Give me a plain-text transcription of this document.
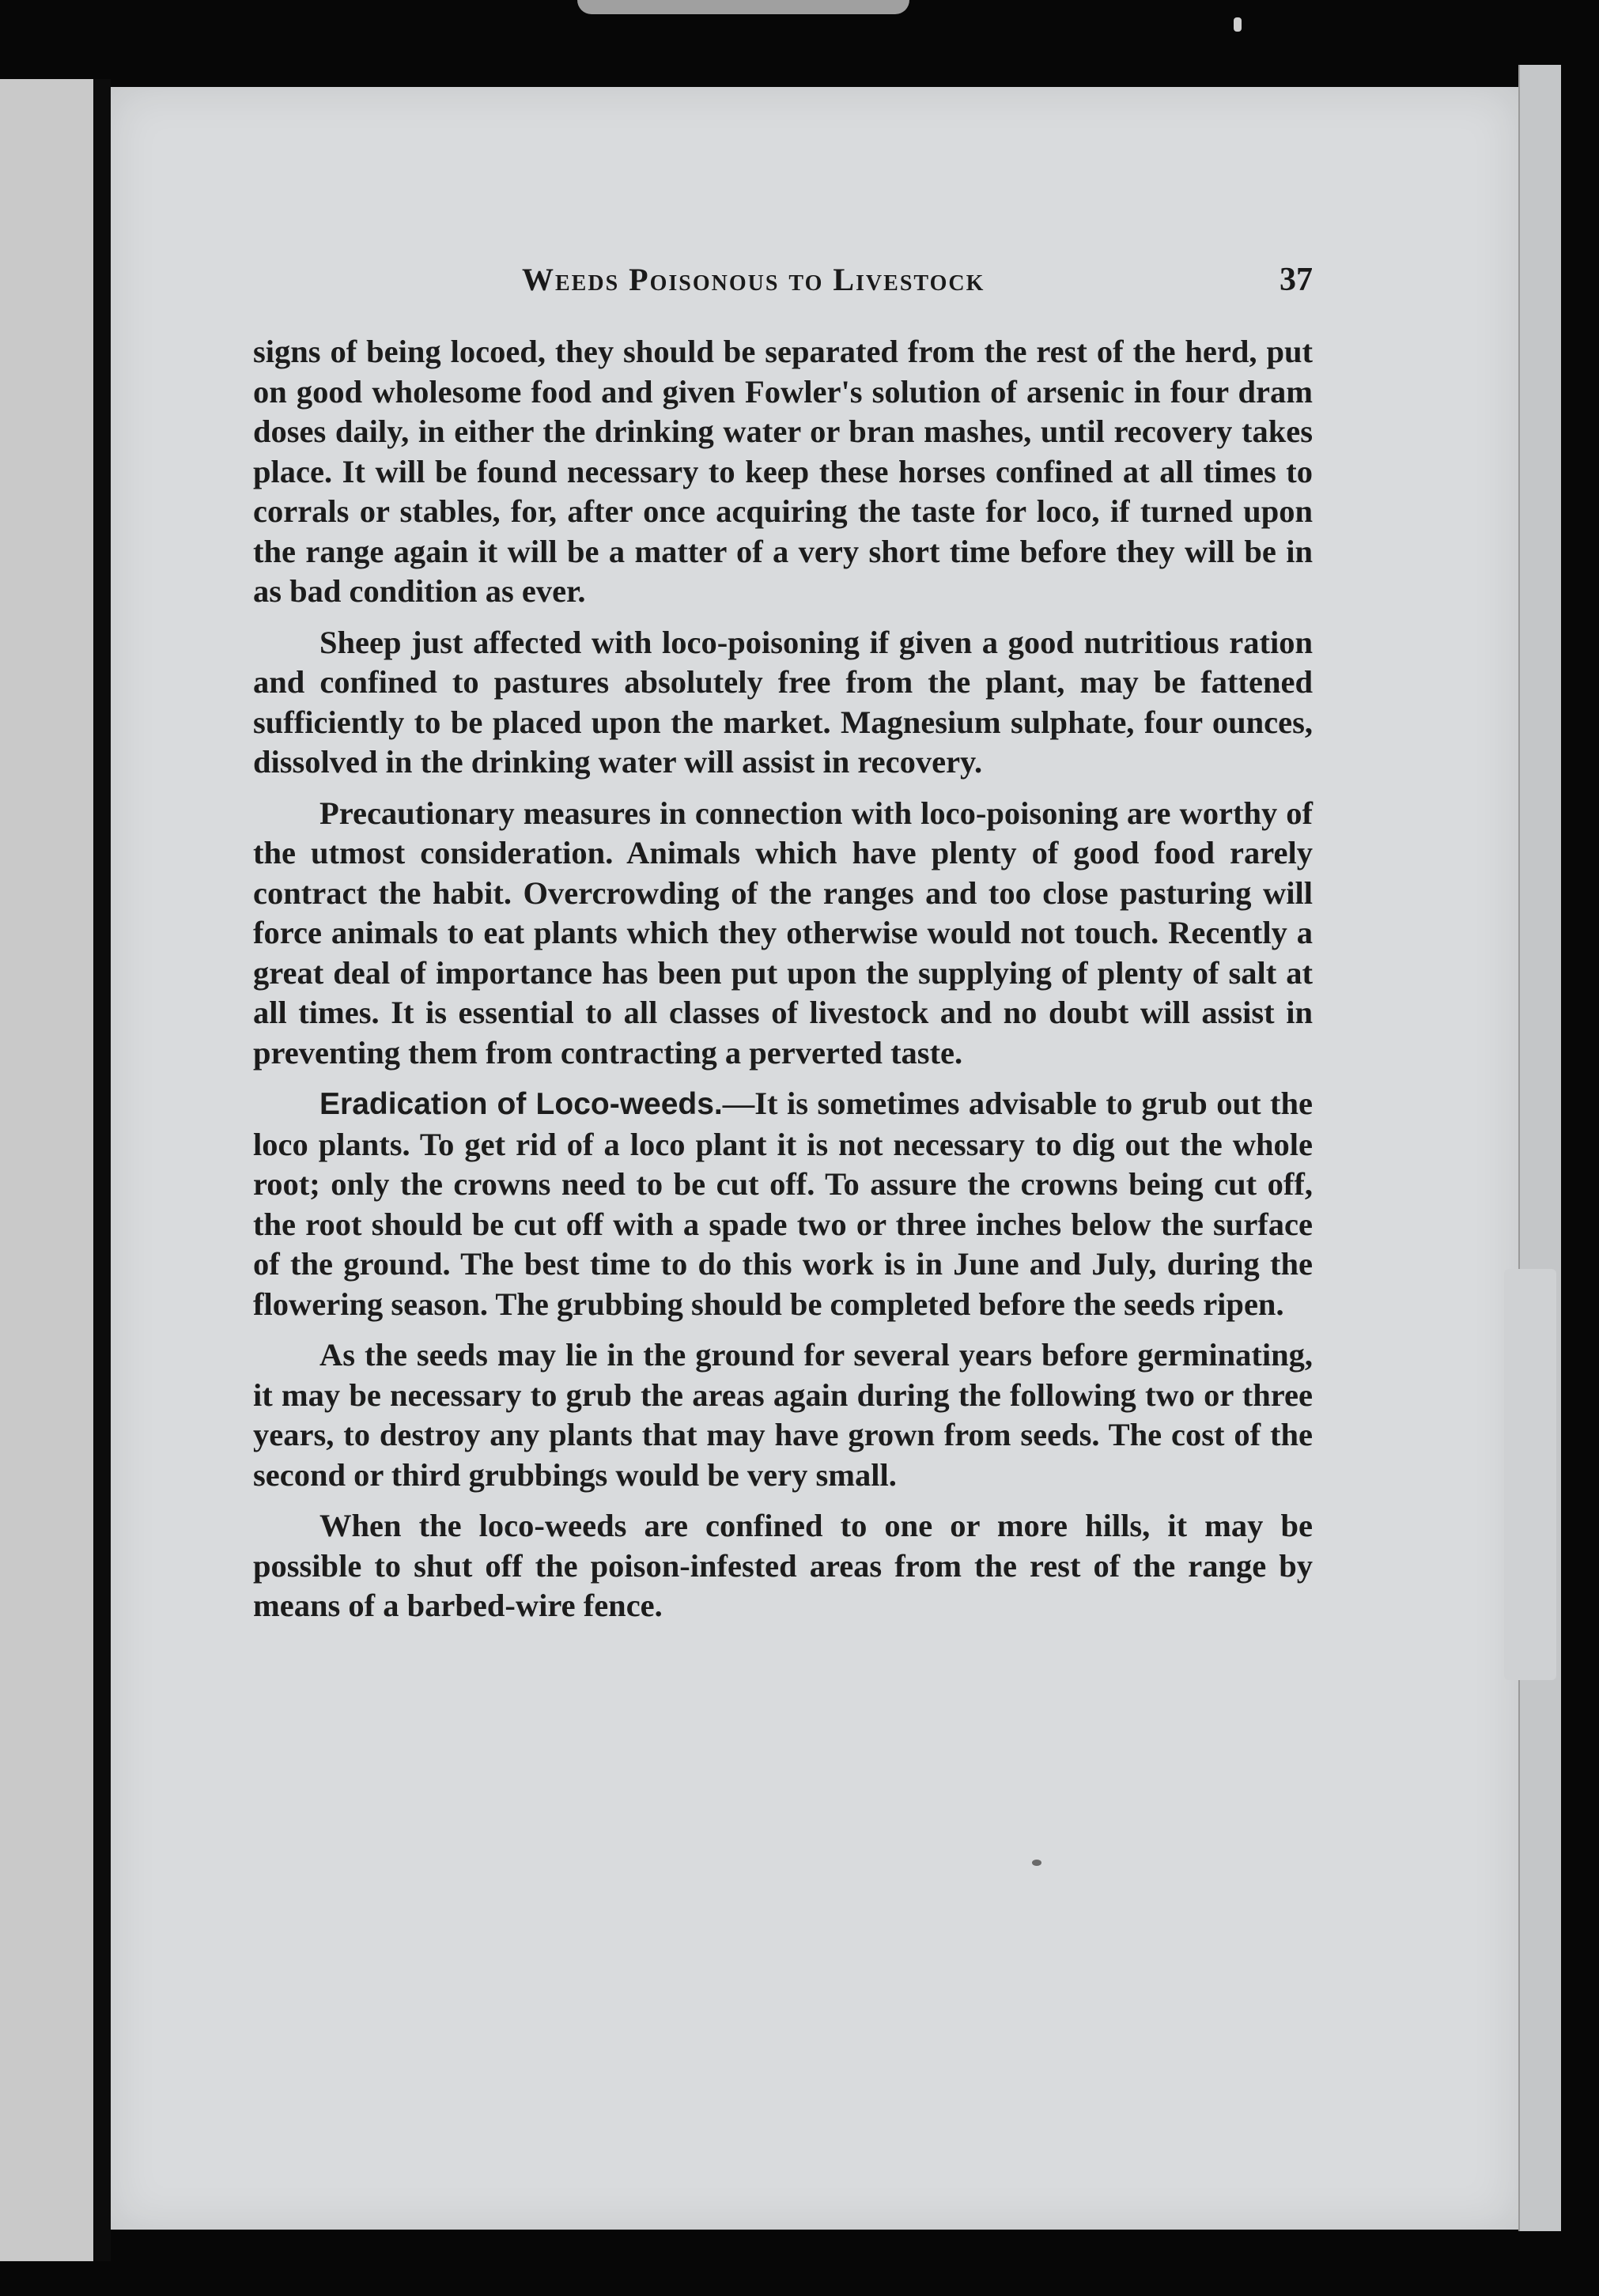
Weeds Poisonous to Livestock	37

signs of being locoed, they should be separated from the rest of the herd, put on good wholesome food and given Fowler's solution of arsenic in four dram doses daily, in either the drinking water or bran mashes, until recovery takes place. It will be found necessary to keep these horses confined at all times to corrals or stables, for, after once acquiring the taste for loco, if turned upon the range again it will be a matter of a very short time before they will be in as bad condition as ever.

Sheep just affected with loco-poisoning if given a good nutritious ration and confined to pastures absolutely free from the plant, may be fattened sufficiently to be placed upon the market. Magnesium sulphate, four ounces, dissolved in the drinking water will assist in recovery.

Precautionary measures in connection with loco-poisoning are worthy of the utmost consideration. Animals which have plenty of good food rarely contract the habit. Overcrowding of the ranges and too close pasturing will force animals to eat plants which they otherwise would not touch. Recently a great deal of importance has been put upon the supplying of plenty of salt at all times. It is essential to all classes of livestock and no doubt will assist in preventing them from contracting a perverted taste.

Eradication of Loco-weeds.—It is sometimes advisable to grub out the loco plants. To get rid of a loco plant it is not necessary to dig out the whole root; only the crowns need to be cut off. To assure the crowns being cut off, the root should be cut off with a spade two or three inches below the surface of the ground. The best time to do this work is in June and July, during the flowering season. The grubbing should be completed before the seeds ripen.

As the seeds may lie in the ground for several years before germinating, it may be necessary to grub the areas again during the following two or three years, to destroy any plants that may have grown from seeds. The cost of the second or third grubbings would be very small.

When the loco-weeds are confined to one or more hills, it may be possible to shut off the poison-infested areas from the rest of the range by means of a barbed-wire fence.
